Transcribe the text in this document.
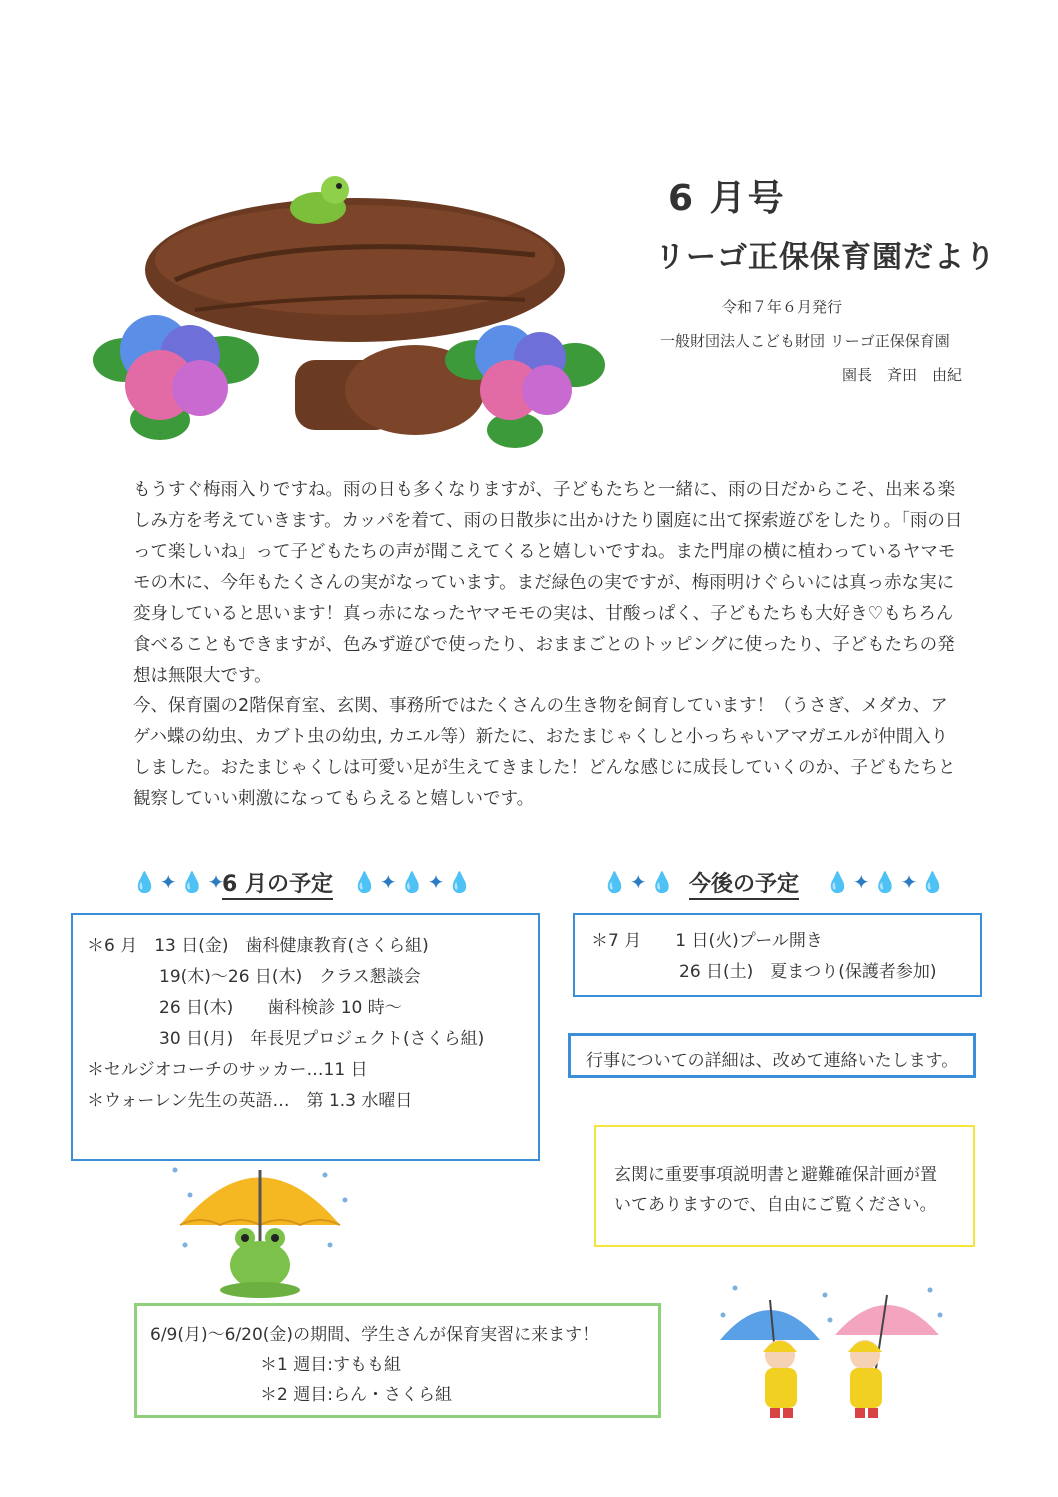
6 月号
リーゴ正保保育園だより
令和７年６月発行
一般財団法人こども財団 リーゴ正保保育園
園長　斉田　由紀
もうすぐ梅雨入りですね。雨の日も多くなりますが、子どもたちと一緒に、雨の日だからこそ、出来る楽しみ方を考えていきます。カッパを着て、雨の日散歩に出かけたり園庭に出て探索遊びをしたり。「雨の日って楽しいね」って子どもたちの声が聞こえてくると嬉しいですね。また門扉の横に植わっているヤマモモの木に、今年もたくさんの実がなっています。まだ緑色の実ですが、梅雨明けぐらいには真っ赤な実に変身していると思います！真っ赤になったヤマモモの実は、甘酸っぱく、子どもたちも大好き♡もちろん食べることもできますが、色みず遊びで使ったり、おままごとのトッピングに使ったり、子どもたちの発想は無限大です。
今、保育園の2階保育室、玄関、事務所ではたくさんの生き物を飼育しています！（うさぎ、メダカ、アゲハ蝶の幼虫、カブト虫の幼虫, カエル等）新たに、おたまじゃくしと小っちゃいアマガエルが仲間入りしました。おたまじゃくしは可愛い足が生えてきました！どんな感じに成長していくのか、子どもたちと観察していい刺激になってもらえると嬉しいです。
💧✦💧✦
6 月の予定 💧✦💧✦💧
＊6 月　13 日(金)　歯科健康教育(さくら組)
19(木)～26 日(木)　クラス懇談会
26 日(木)　　歯科検診 10 時～
30 日(月)　年長児プロジェクト(さくら組)
＊セルジオコーチのサッカー…11 日
＊ウォーレン先生の英語…　第 1.3 水曜日
💧✦💧 今後の予定 💧✦💧✦💧
＊7 月　　1 日(火)プール開き
26 日(土)　夏まつり(保護者参加)
行事についての詳細は、改めて連絡いたします。
玄関に重要事項説明書と避難確保計画が置
いてありますので、自由にご覧ください。
6/9(月)～6/20(金)の期間、学生さんが保育実習に来ます！
＊1 週目:すもも組
＊2 週目:らん・さくら組
